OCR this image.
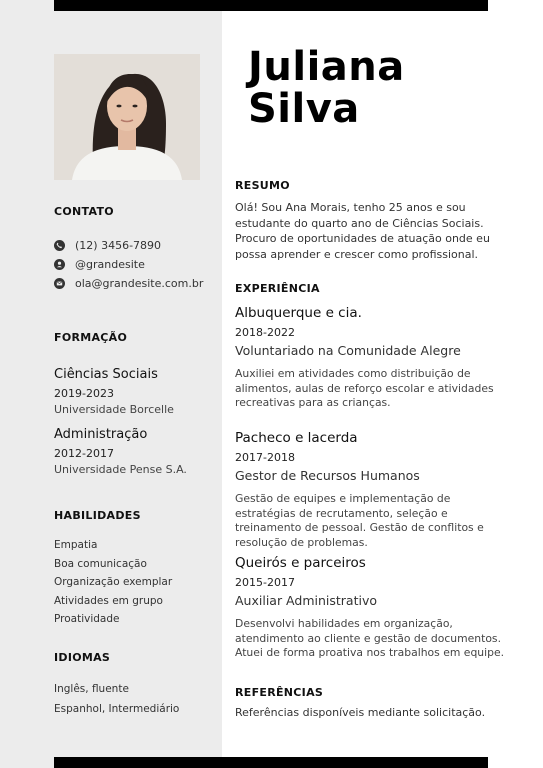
Juliana
Silva
CONTATO
(12) 3456-7890
@grandesite
ola@grandesite.com.br
FORMAÇÃO
Ciências Sociais
2019-2023
Universidade Borcelle
Administração
2012-2017
Universidade Pense S.A.
HABILIDADES
Empatia
Boa comunicação
Organização exemplar
Atividades em grupo
Proatividade
IDIOMAS
Inglês, fluente
Espanhol, Intermediário
RESUMO
Olá! Sou Ana Morais, tenho 25 anos e sou estudante do quarto ano de Ciências Sociais. Procuro de oportunidades de atuação onde eu possa aprender e crescer como profissional.
EXPERIÊNCIA
Albuquerque e cia.
2018-2022
Voluntariado na Comunidade Alegre
Auxiliei em atividades como distribuição de alimentos, aulas de reforço escolar e atividades recreativas para as crianças.
Pacheco e lacerda
2017-2018
Gestor de Recursos Humanos
Gestão de equipes e implementação de estratégias de recrutamento, seleção e treinamento de pessoal. Gestão de conflitos e resolução de problemas.
Queirós e parceiros
2015-2017
Auxiliar Administrativo
Desenvolvi habilidades em organização, atendimento ao cliente e gestão de documentos. Atuei de forma proativa nos trabalhos em equipe.
REFERÊNCIAS
Referências disponíveis mediante solicitação.
